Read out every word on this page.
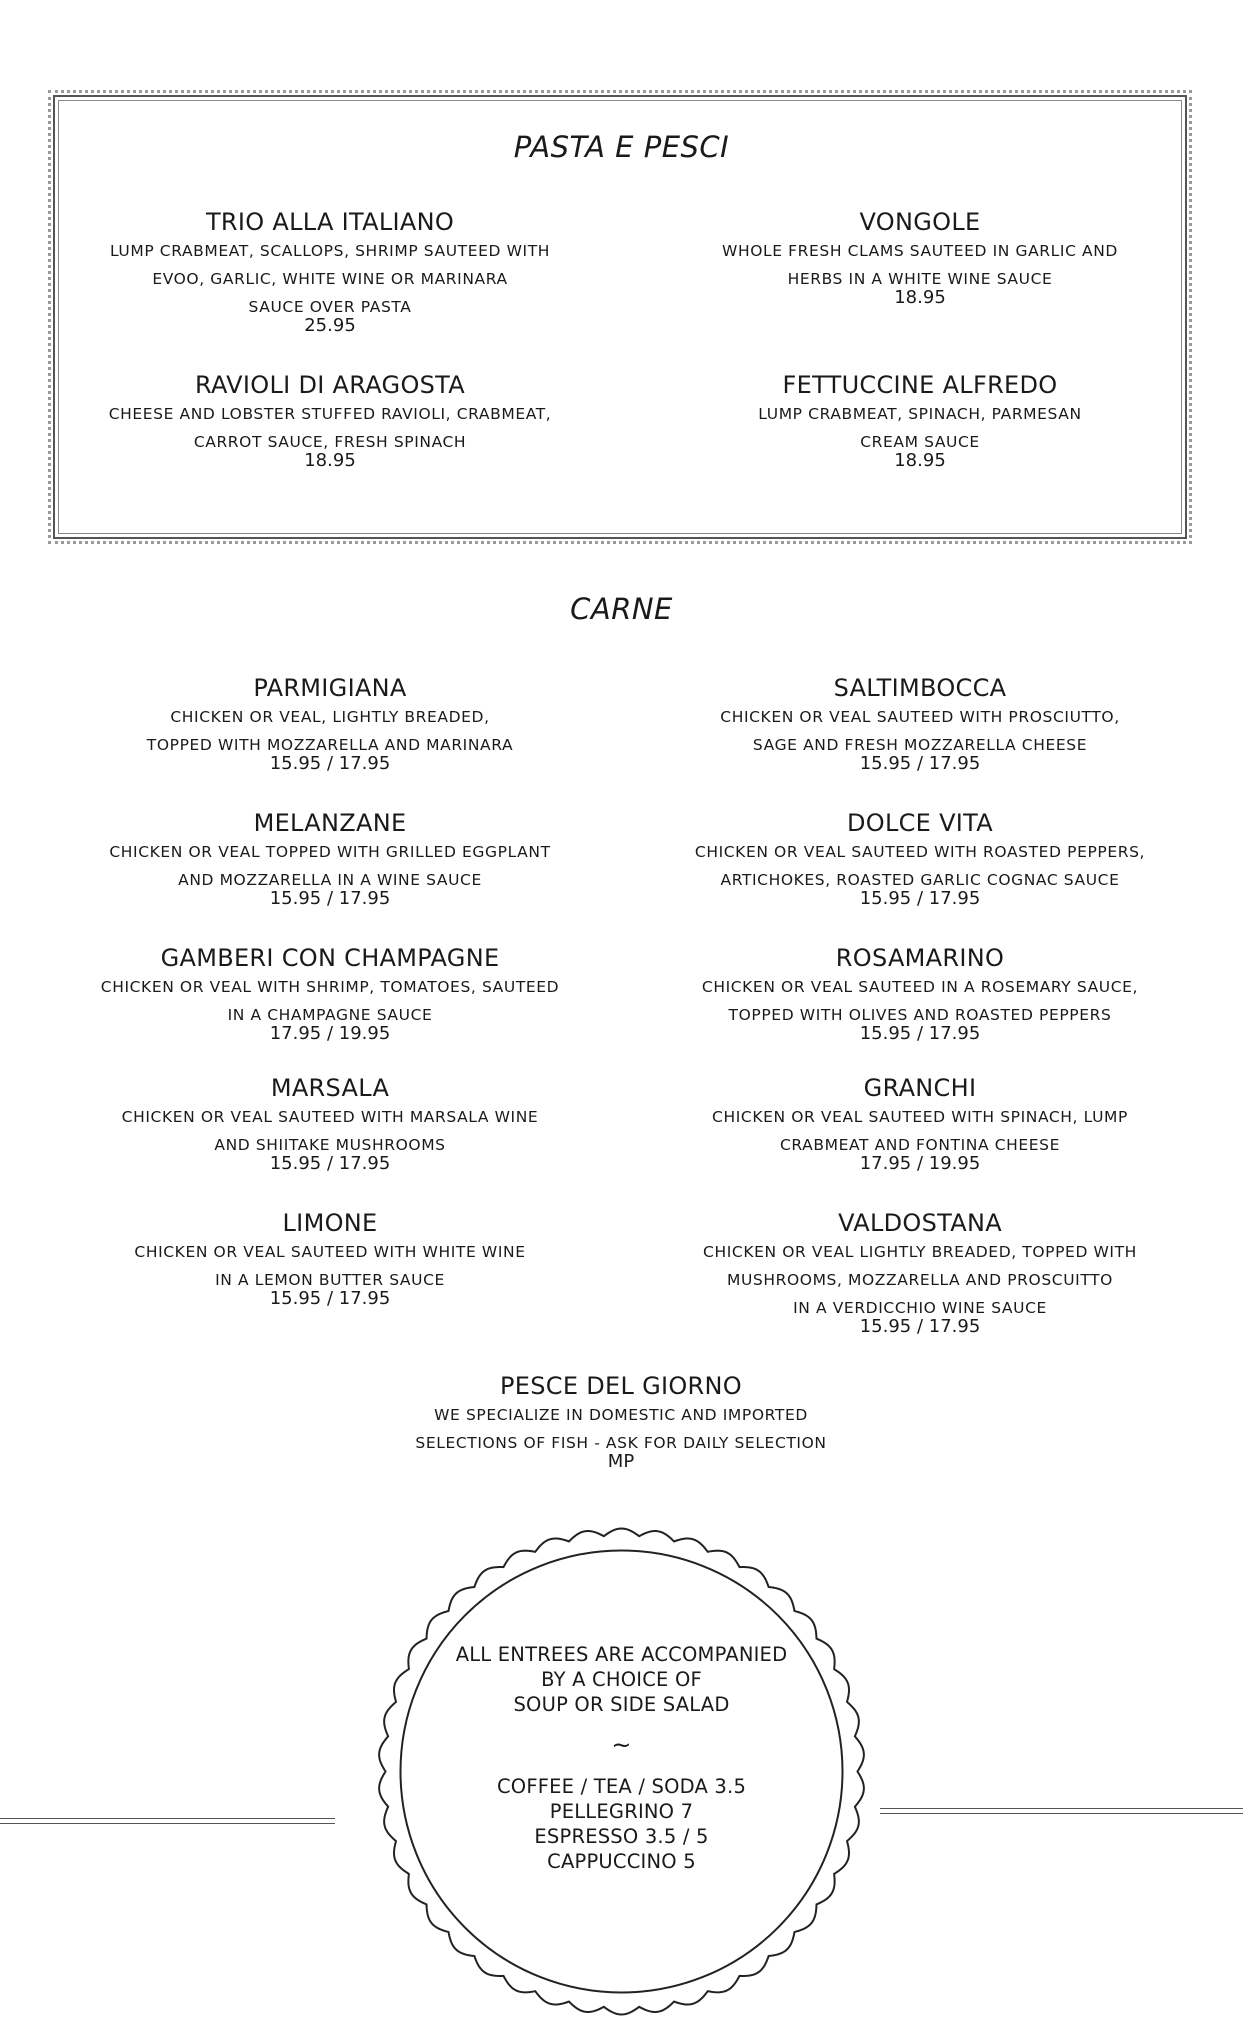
PASTA E PESCI
TRIO ALLA ITALIANO
LUMP CRABMEAT, SCALLOPS, SHRIMP SAUTEED WITH
EVOO, GARLIC, WHITE WINE OR MARINARA
SAUCE OVER PASTA
25.95
VONGOLE
WHOLE FRESH CLAMS SAUTEED IN GARLIC AND
HERBS IN A WHITE WINE SAUCE
18.95
RAVIOLI DI ARAGOSTA
CHEESE AND LOBSTER STUFFED RAVIOLI, CRABMEAT,
CARROT SAUCE, FRESH SPINACH
18.95
FETTUCCINE ALFREDO
LUMP CRABMEAT, SPINACH, PARMESAN
CREAM SAUCE
18.95
CARNE
PARMIGIANA
CHICKEN OR VEAL, LIGHTLY BREADED,
TOPPED WITH MOZZARELLA AND MARINARA
15.95 / 17.95
SALTIMBOCCA
CHICKEN OR VEAL SAUTEED WITH PROSCIUTTO,
SAGE AND FRESH MOZZARELLA CHEESE
15.95 / 17.95
MELANZANE
CHICKEN OR VEAL TOPPED WITH GRILLED EGGPLANT
AND MOZZARELLA IN A WINE SAUCE
15.95 / 17.95
DOLCE VITA
CHICKEN OR VEAL SAUTEED WITH ROASTED PEPPERS,
ARTICHOKES, ROASTED GARLIC COGNAC SAUCE
15.95 / 17.95
GAMBERI CON CHAMPAGNE
CHICKEN OR VEAL WITH SHRIMP, TOMATOES, SAUTEED
IN A CHAMPAGNE SAUCE
17.95 / 19.95
ROSAMARINO
CHICKEN OR VEAL SAUTEED IN A ROSEMARY SAUCE,
TOPPED WITH OLIVES AND ROASTED PEPPERS
15.95 / 17.95
MARSALA
CHICKEN OR VEAL SAUTEED WITH MARSALA WINE
AND SHIITAKE MUSHROOMS
15.95 / 17.95
GRANCHI
CHICKEN OR VEAL SAUTEED WITH SPINACH, LUMP
CRABMEAT AND FONTINA CHEESE
17.95 / 19.95
LIMONE
CHICKEN OR VEAL SAUTEED WITH WHITE WINE
IN A LEMON BUTTER SAUCE
15.95 / 17.95
VALDOSTANA
CHICKEN OR VEAL LIGHTLY BREADED, TOPPED WITH
MUSHROOMS, MOZZARELLA AND PROSCUITTO
IN A VERDICCHIO WINE SAUCE
15.95 / 17.95
PESCE DEL GIORNO
WE SPECIALIZE IN DOMESTIC AND IMPORTED
SELECTIONS OF FISH - ASK FOR DAILY SELECTION
MP
ALL ENTREES ARE ACCOMPANIED
BY A CHOICE OF
SOUP OR SIDE SALAD
~
COFFEE / TEA / SODA 3.5
PELLEGRINO 7
ESPRESSO 3.5 / 5
CAPPUCCINO 5
